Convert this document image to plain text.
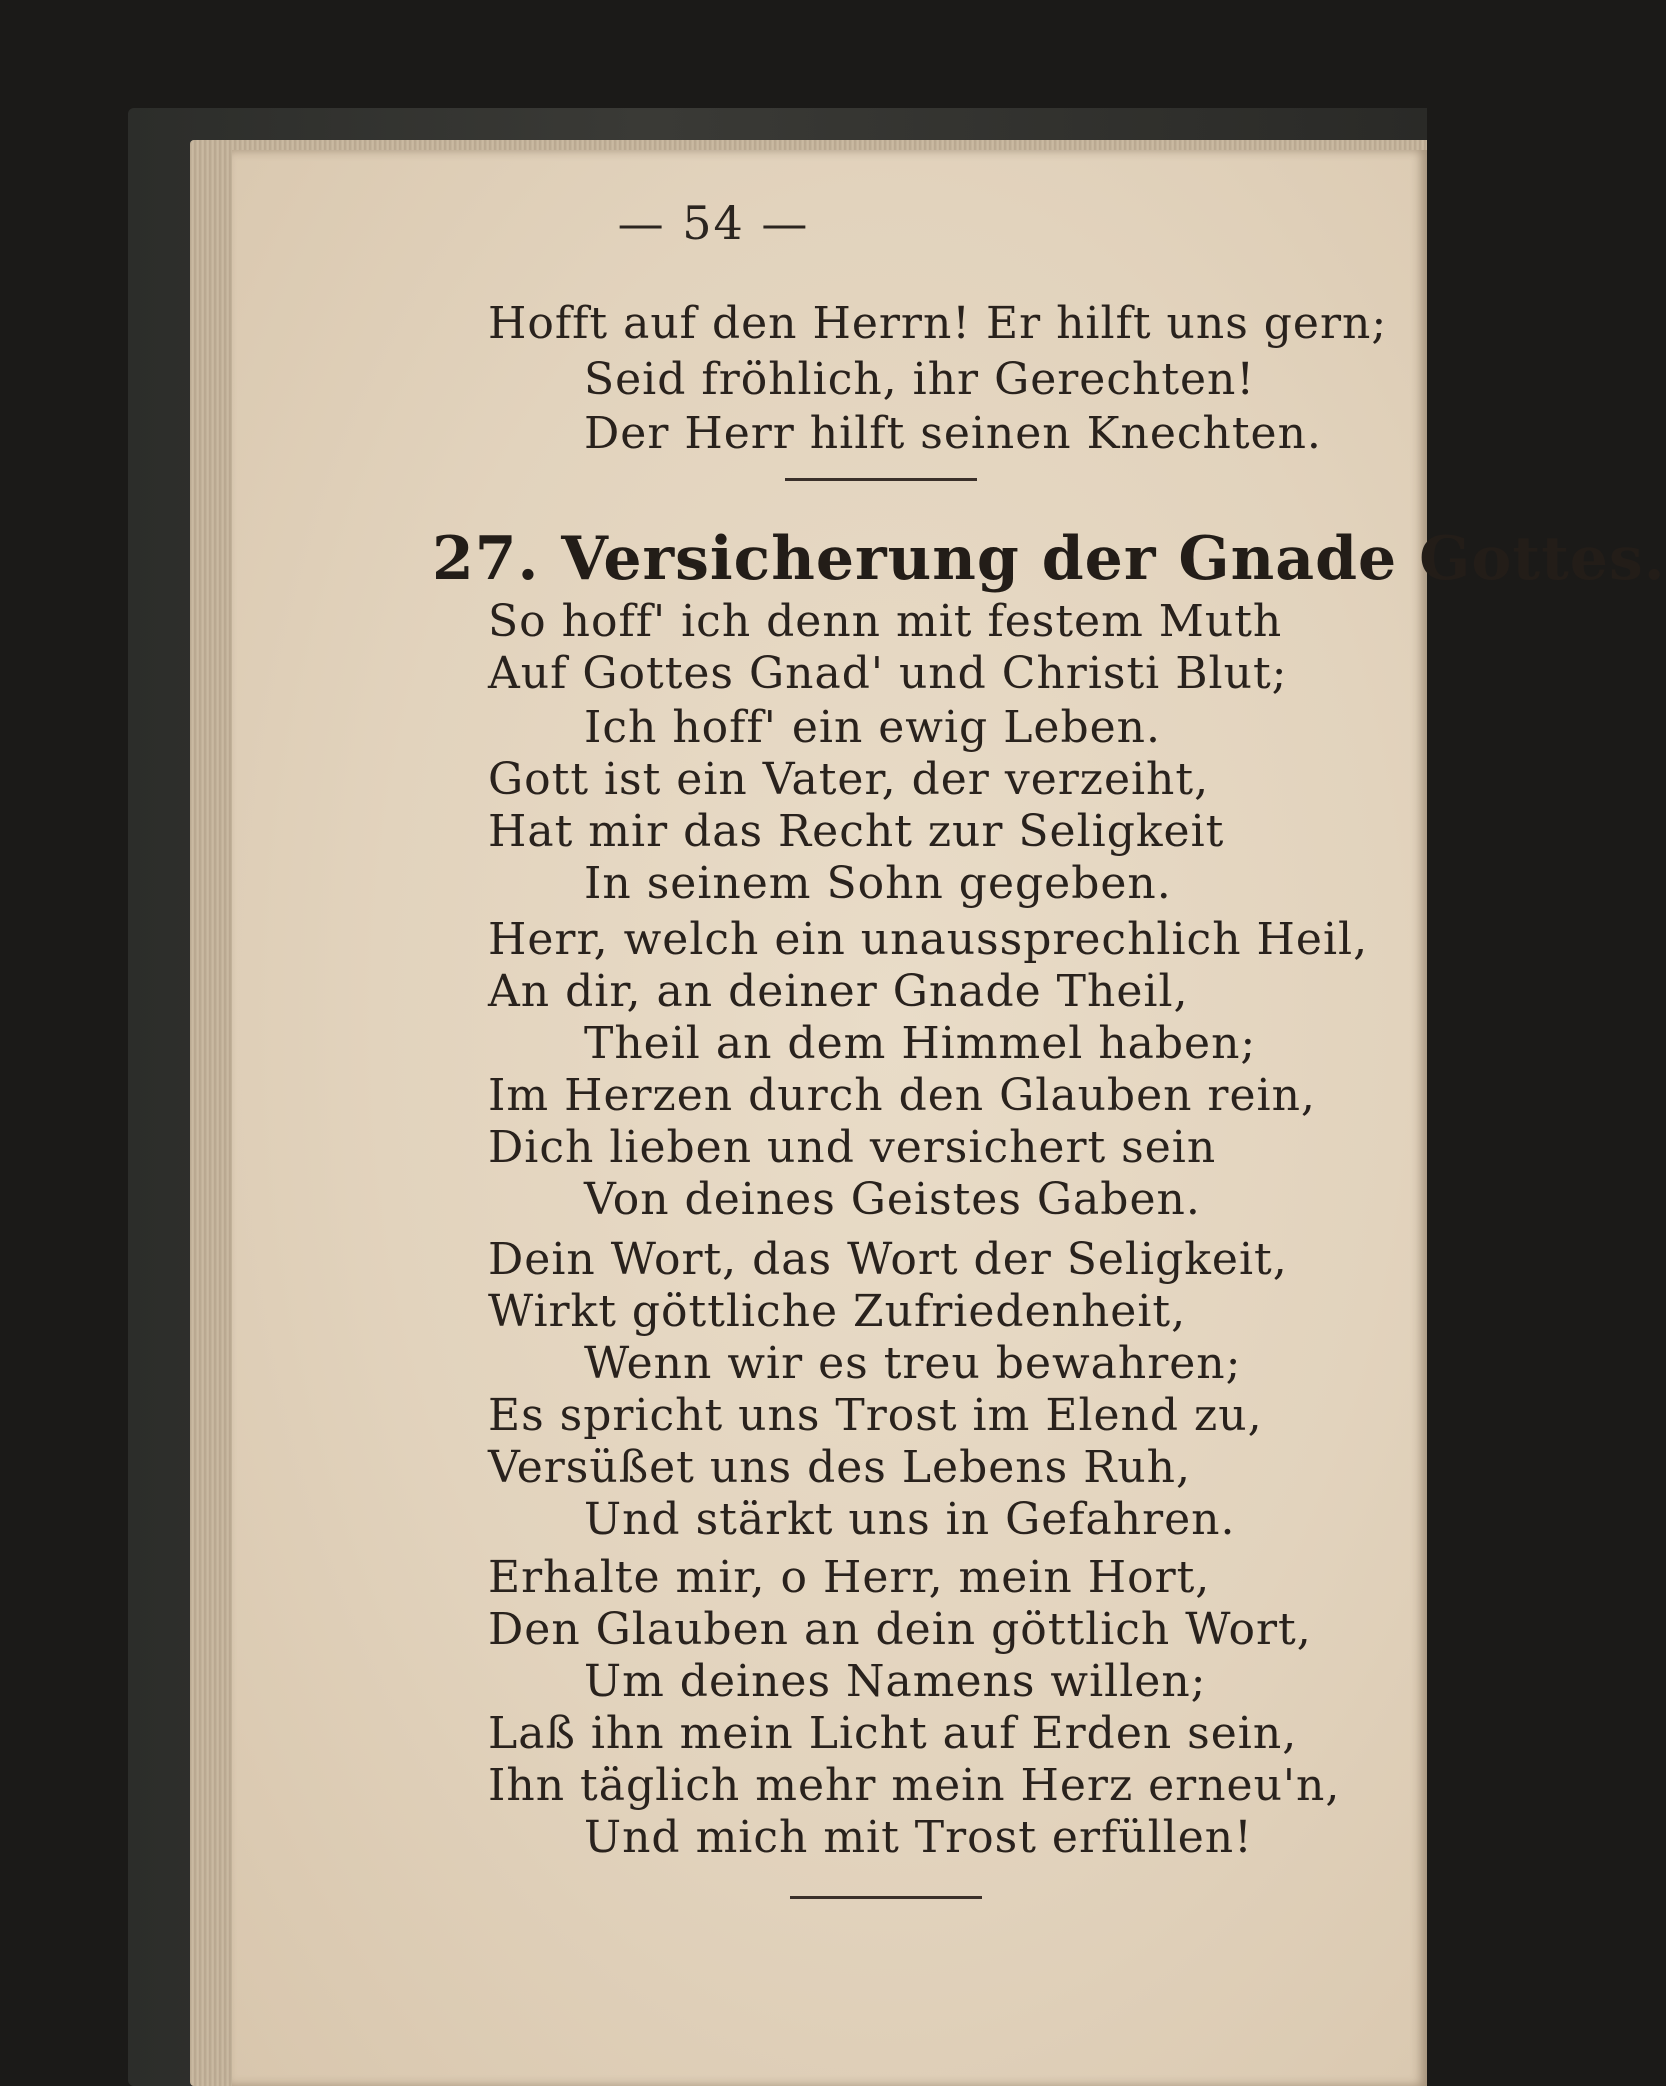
— 54 —
Hofft auf den Herrn! Er hilft uns gern;
Seid fröhlich, ihr Gerechten!
Der Herr hilft seinen Knechten.
27. Versicherung der Gnade Gottes.
So hoff' ich denn mit festem Muth
Auf Gottes Gnad' und Christi Blut;
Ich hoff' ein ewig Leben.
Gott ist ein Vater, der verzeiht,
Hat mir das Recht zur Seligkeit
In seinem Sohn gegeben.
Herr, welch ein unaussprechlich Heil,
An dir, an deiner Gnade Theil,
Theil an dem Himmel haben;
Im Herzen durch den Glauben rein,
Dich lieben und versichert sein
Von deines Geistes Gaben.
Dein Wort, das Wort der Seligkeit,
Wirkt göttliche Zufriedenheit,
Wenn wir es treu bewahren;
Es spricht uns Trost im Elend zu,
Versüßet uns des Lebens Ruh,
Und stärkt uns in Gefahren.
Erhalte mir, o Herr, mein Hort,
Den Glauben an dein göttlich Wort,
Um deines Namens willen;
Laß ihn mein Licht auf Erden sein,
Ihn täglich mehr mein Herz erneu'n,
Und mich mit Trost erfüllen!
